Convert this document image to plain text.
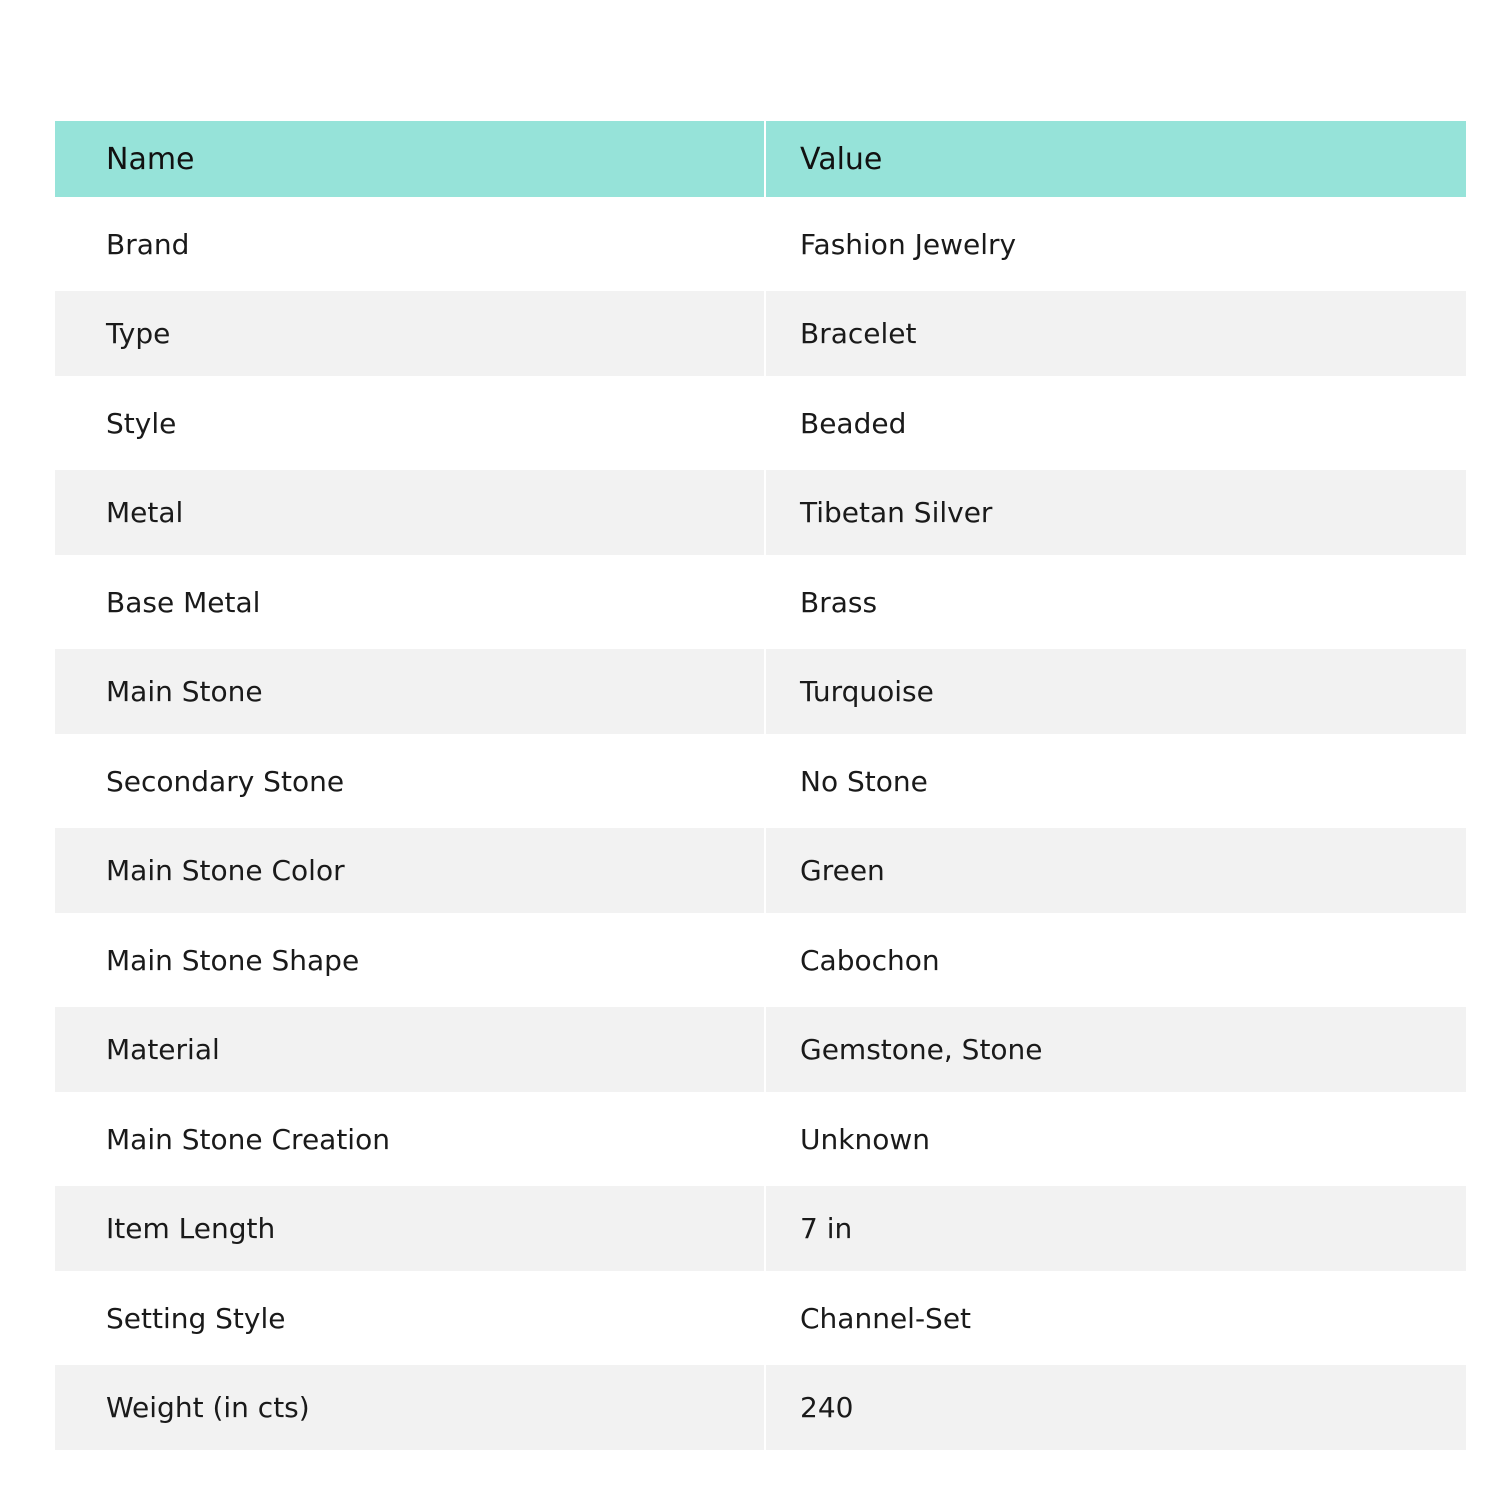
Name	Value
Brand	Fashion Jewelry
Type	Bracelet
Style	Beaded
Metal	Tibetan Silver
Base Metal	Brass
Main Stone	Turquoise
Secondary Stone	No Stone
Main Stone Color	Green
Main Stone Shape	Cabochon
Material	Gemstone, Stone
Main Stone Creation	Unknown
Item Length	7 in
Setting Style	Channel-Set
Weight (in cts)	240
